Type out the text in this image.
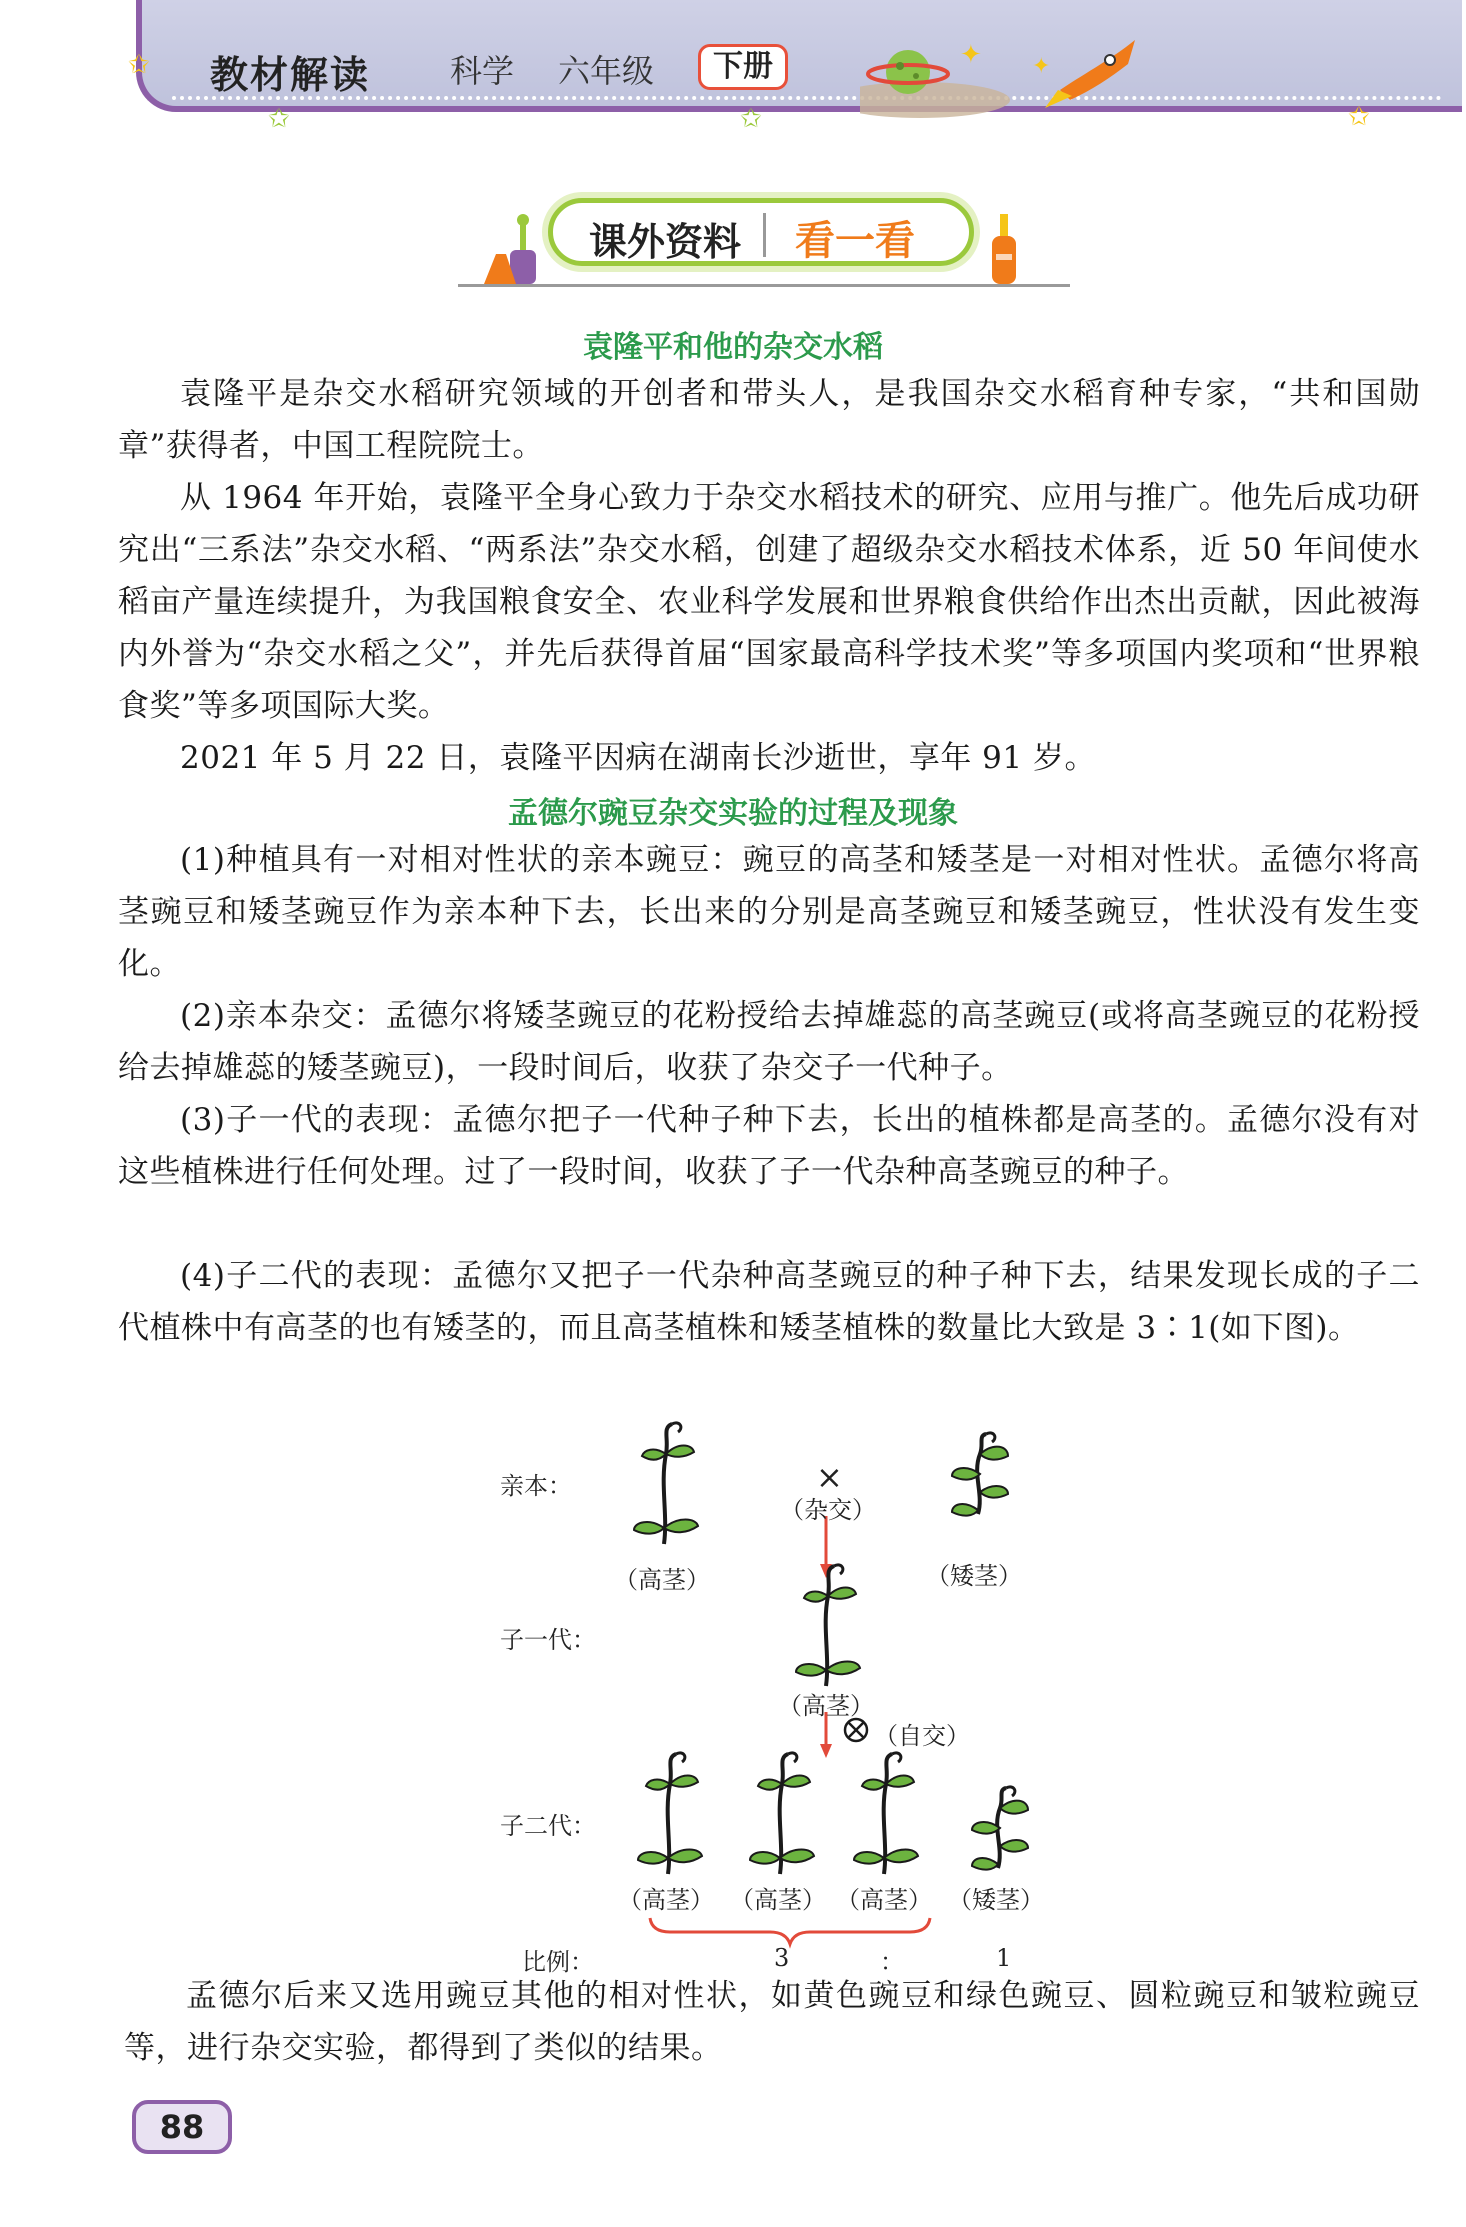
✩
✩	✩	✩
✦ ✦
教材解读 科学 六年级	下册
课外资料 看一看
袁隆平和他的杂交水稻
袁隆平是杂交水稻研究领域的开创者和带头人，是我国杂交水稻育种专家，“共和国勋章”获得者，中国工程院院士。
从 1964 年开始，袁隆平全身心致力于杂交水稻技术的研究、应用与推广。他先后成功研究出“三系法”杂交水稻、“两系法”杂交水稻，创建了超级杂交水稻技术体系，近 50 年间使水稻亩产量连续提升，为我国粮食安全、农业科学发展和世界粮食供给作出杰出贡献，因此被海内外誉为“杂交水稻之父”，并先后获得首届“国家最高科学技术奖”等多项国内奖项和“世界粮食奖”等多项国际大奖。
2021 年 5 月 22 日，袁隆平因病在湖南长沙逝世，享年 91 岁。
孟德尔豌豆杂交实验的过程及现象
(1)种植具有一对相对性状的亲本豌豆：豌豆的高茎和矮茎是一对相对性状。孟德尔将高茎豌豆和矮茎豌豆作为亲本种下去，长出来的分别是高茎豌豆和矮茎豌豆，性状没有发生变化。
(2)亲本杂交：孟德尔将矮茎豌豆的花粉授给去掉雄蕊的高茎豌豆(或将高茎豌豆的花粉授给去掉雄蕊的矮茎豌豆)，一段时间后，收获了杂交子一代种子。
(3)子一代的表现：孟德尔把子一代种子种下去，长出的植株都是高茎的。孟德尔没有对这些植株进行任何处理。过了一段时间，收获了子一代杂种高茎豌豆的种子。
(4)子二代的表现：孟德尔又把子一代杂种高茎豌豆的种子种下去，结果发现长成的子二代植株中有高茎的也有矮茎的，而且高茎植株和矮茎植株的数量比大致是 3∶1(如下图)。
亲本：
子一代：
子二代：
比例：
×
（杂交）
（高茎）	（矮茎）
（高茎）
（自交）
（高茎） （高茎） （高茎） （矮茎）
3	：	1
孟德尔后来又选用豌豆其他的相对性状，如黄色豌豆和绿色豌豆、圆粒豌豆和皱粒豌豆等，进行杂交实验，都得到了类似的结果。
88
